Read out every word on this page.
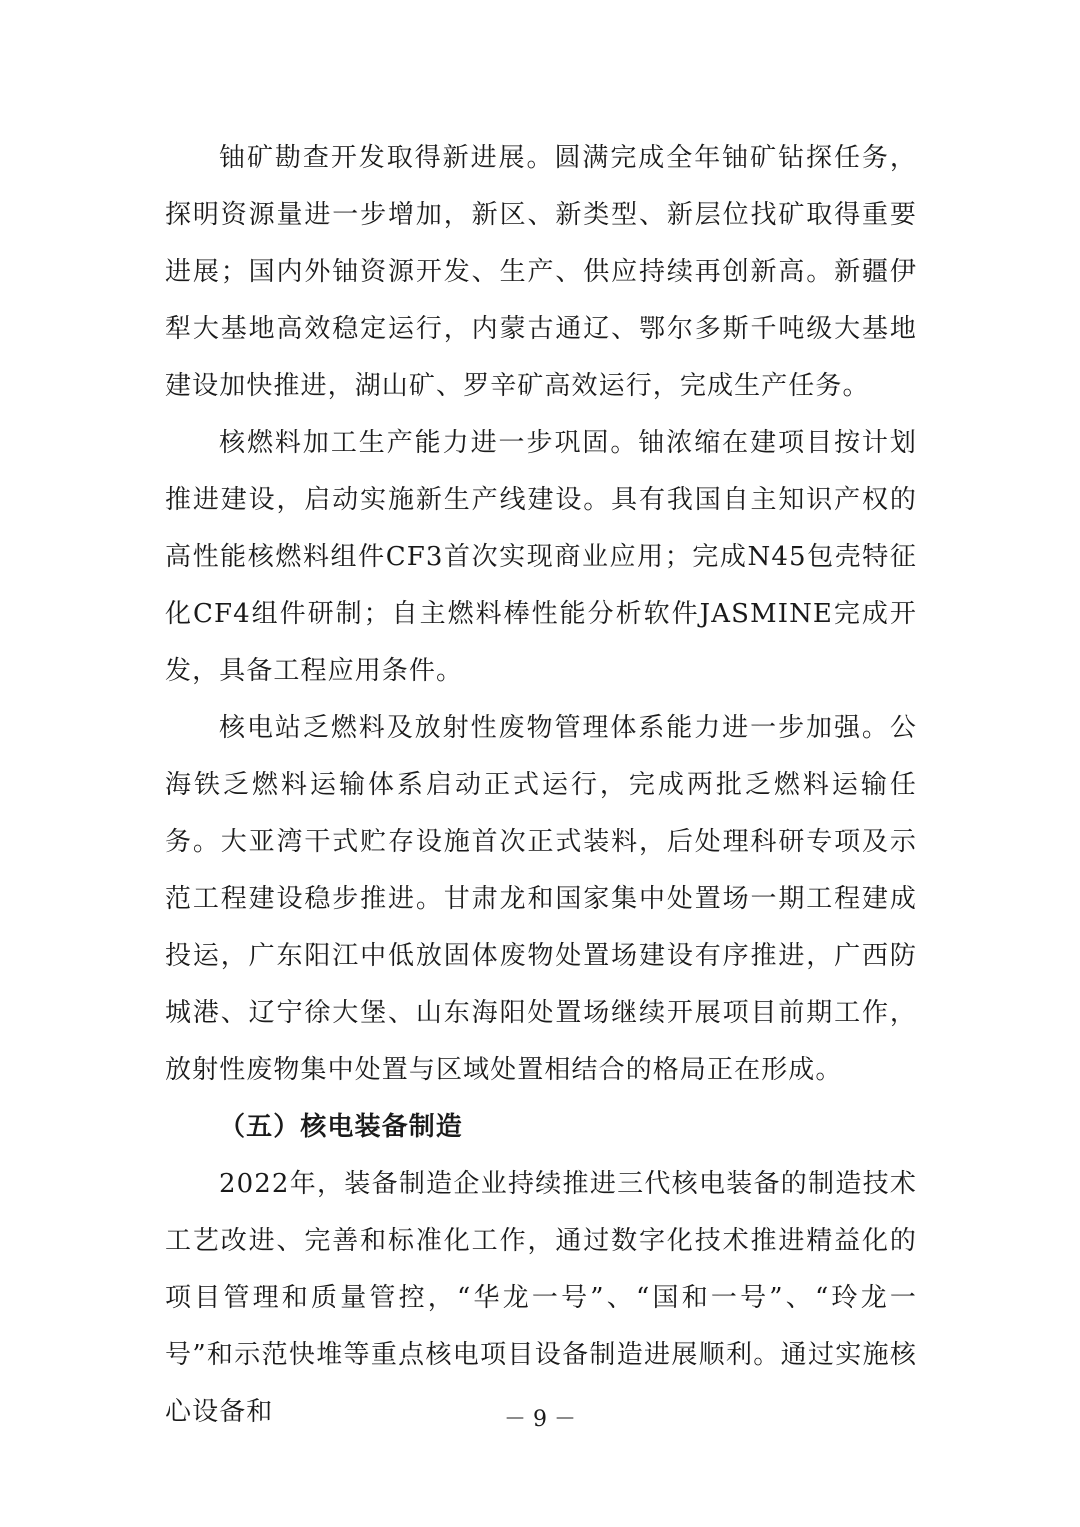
铀矿勘查开发取得新进展。圆满完成全年铀矿钻探任务，探明资源量进一步增加，新区、新类型、新层位找矿取得重要进展；国内外铀资源开发、生产、供应持续再创新高。新疆伊犁大基地高效稳定运行，内蒙古通辽、鄂尔多斯千吨级大基地建设加快推进，湖山矿、罗辛矿高效运行，完成生产任务。

核燃料加工生产能力进一步巩固。铀浓缩在建项目按计划推进建设，启动实施新生产线建设。具有我国自主知识产权的高性能核燃料组件CF3首次实现商业应用；完成N45包壳特征化CF4组件研制；自主燃料棒性能分析软件JASMINE完成开发，具备工程应用条件。

核电站乏燃料及放射性废物管理体系能力进一步加强。公海铁乏燃料运输体系启动正式运行，完成两批乏燃料运输任务。大亚湾干式贮存设施首次正式装料，后处理科研专项及示范工程建设稳步推进。甘肃龙和国家集中处置场一期工程建成投运，广东阳江中低放固体废物处置场建设有序推进，广西防城港、辽宁徐大堡、山东海阳处置场继续开展项目前期工作，放射性废物集中处置与区域处置相结合的格局正在形成。

（五）核电装备制造

2022年，装备制造企业持续推进三代核电装备的制造技术工艺改进、完善和标准化工作，通过数字化技术推进精益化的项目管理和质量管控，“华龙一号”、“国和一号”、“玲龙一号”和示范快堆等重点核电项目设备制造进展顺利。通过实施核心设备和	－ 9 －
